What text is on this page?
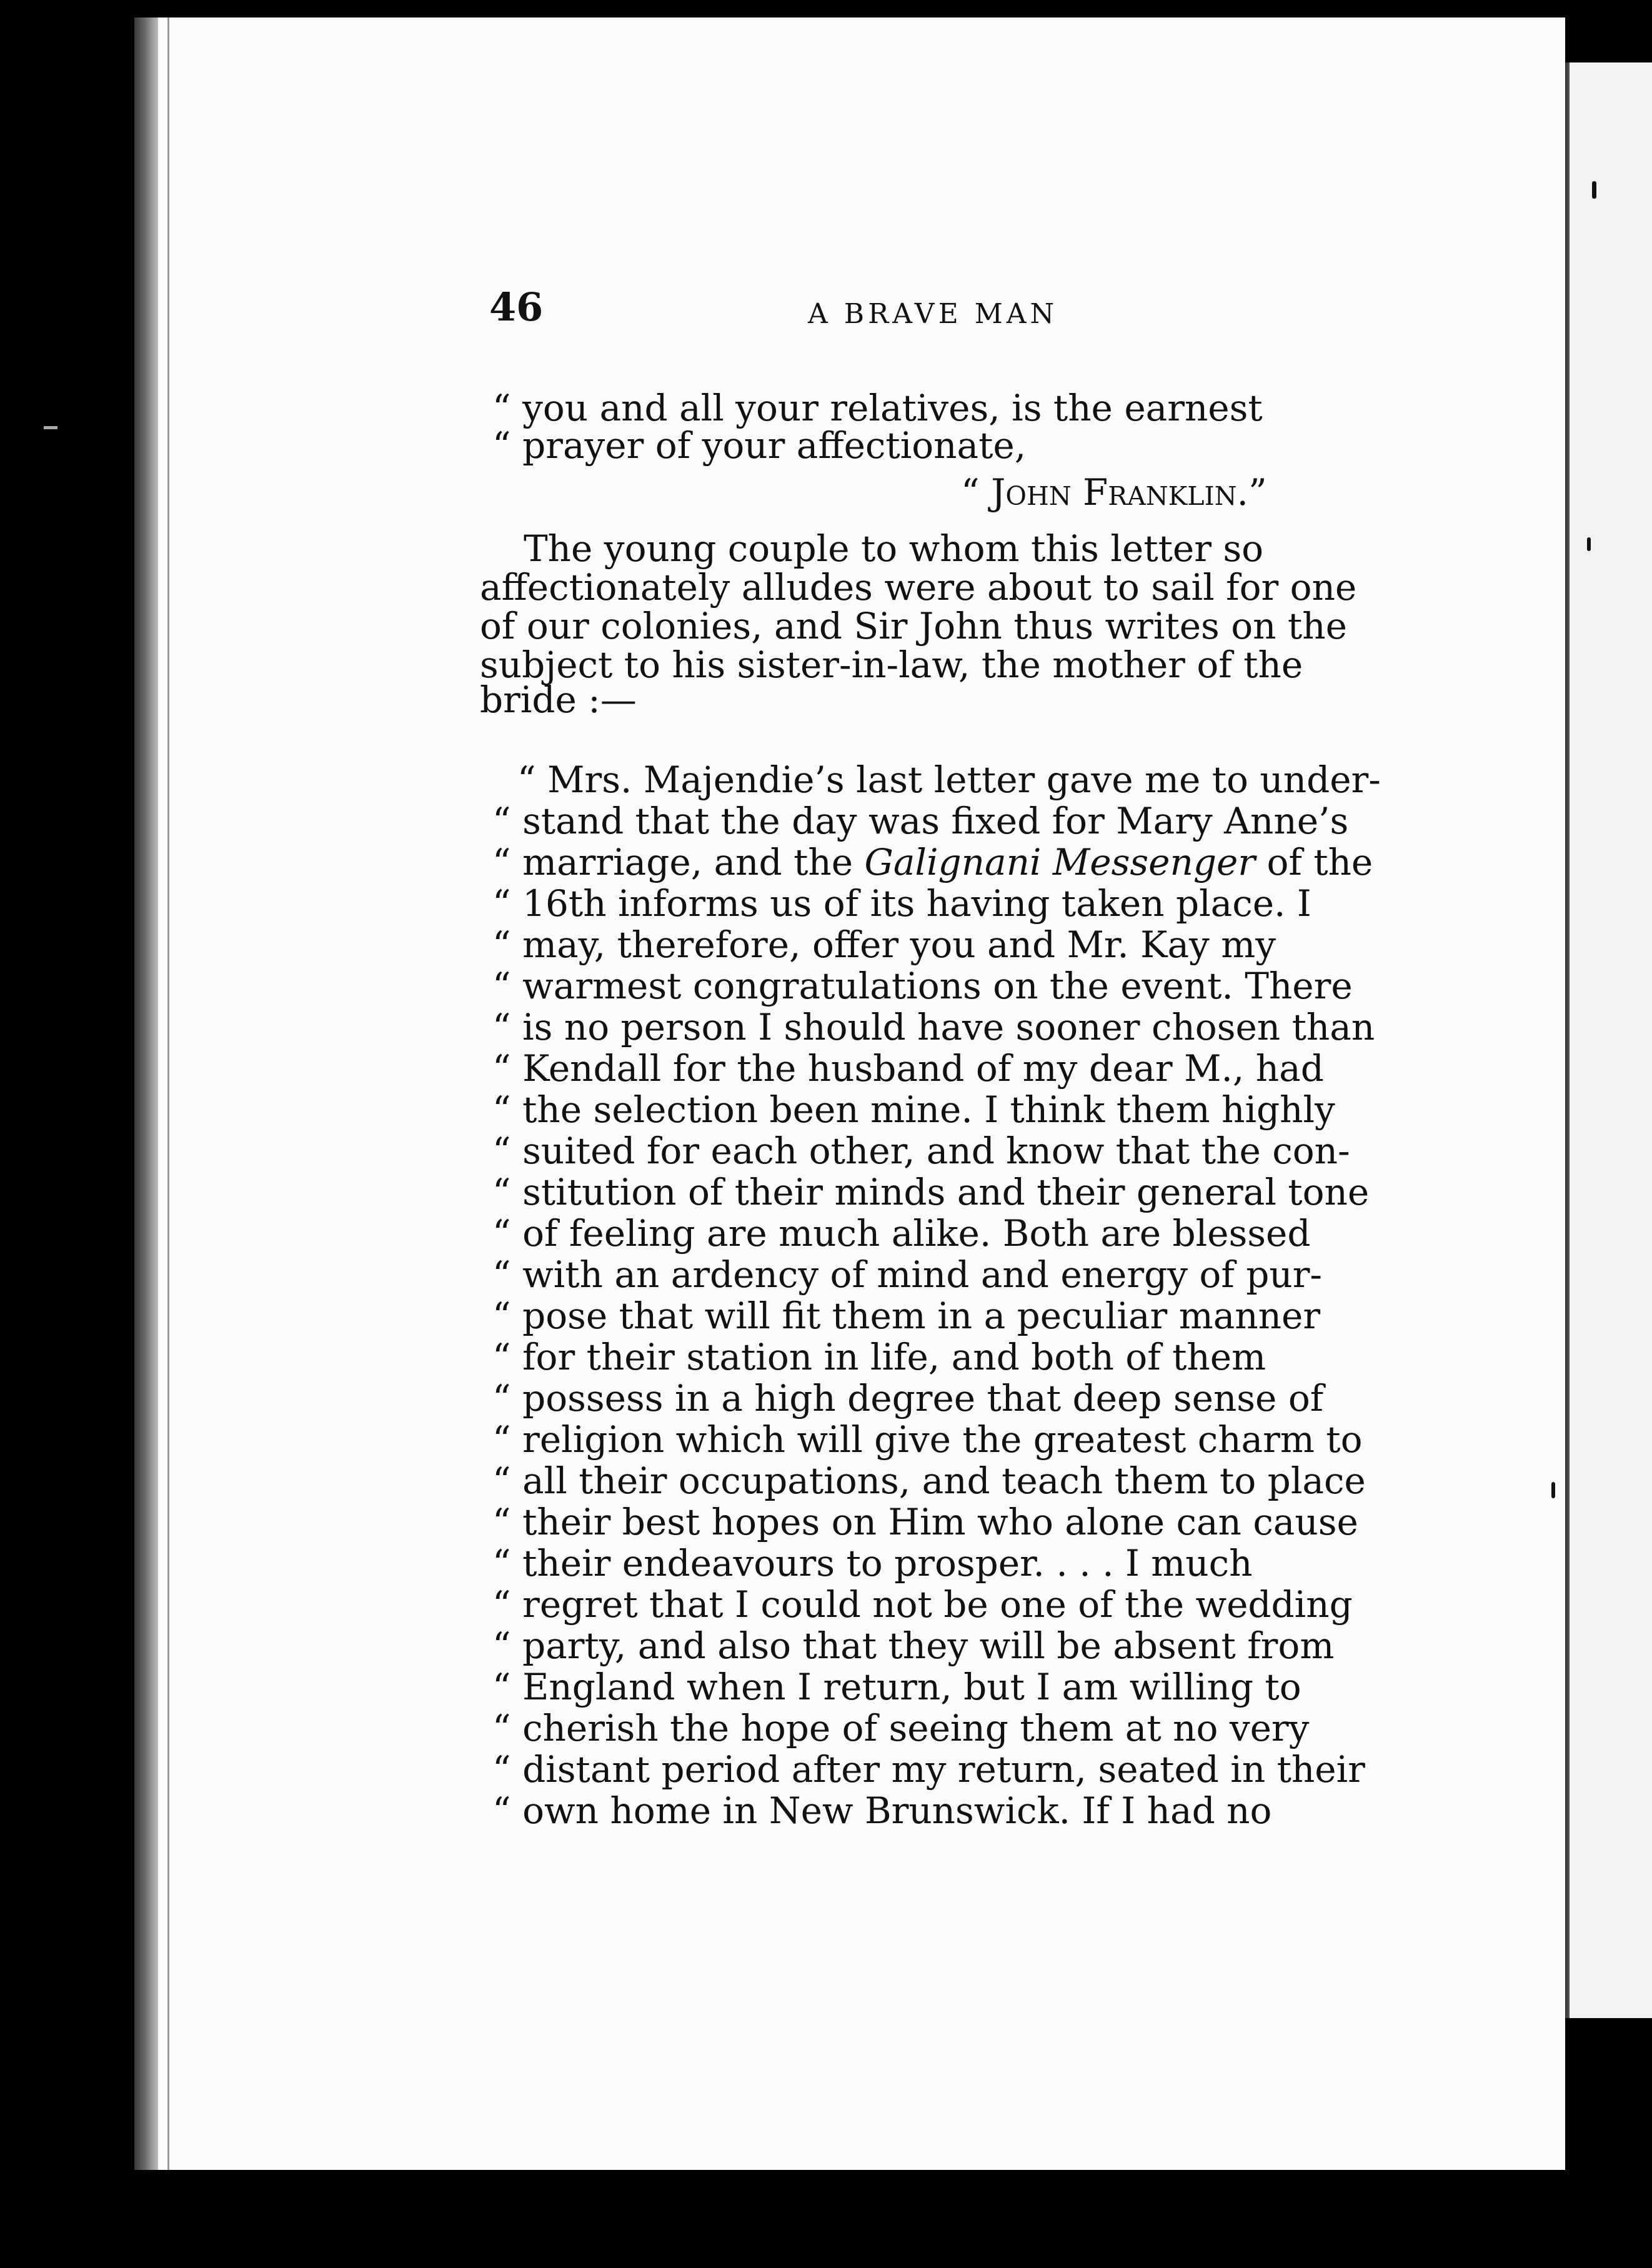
46	A BRAVE MAN
“ you and all your relatives, is the earnest
“ prayer of your affectionate,
“ John Franklin.”
The young couple to whom this letter so
affectionately alludes were about to sail for one
of our colonies, and Sir John thus writes on the
subject to his sister-in-law, the mother of the
bride :—
“ Mrs. Majendie’s last letter gave me to under-
“ stand that the day was fixed for Mary Anne’s
“ marriage, and the Galignani Messenger of the
“ 16th informs us of its having taken place. I
“ may, therefore, offer you and Mr. Kay my
“ warmest congratulations on the event. There
“ is no person I should have sooner chosen than
“ Kendall for the husband of my dear M., had
“ the selection been mine. I think them highly
“ suited for each other, and know that the con-
“ stitution of their minds and their general tone
“ of feeling are much alike. Both are blessed
“ with an ardency of mind and energy of pur-
“ pose that will fit them in a peculiar manner
“ for their station in life, and both of them
“ possess in a high degree that deep sense of
“ religion which will give the greatest charm to
“ all their occupations, and teach them to place
“ their best hopes on Him who alone can cause
“ their endeavours to prosper. . . . I much
“ regret that I could not be one of the wedding
“ party, and also that they will be absent from
“ England when I return, but I am willing to
“ cherish the hope of seeing them at no very
“ distant period after my return, seated in their
“ own home in New Brunswick. If I had no
